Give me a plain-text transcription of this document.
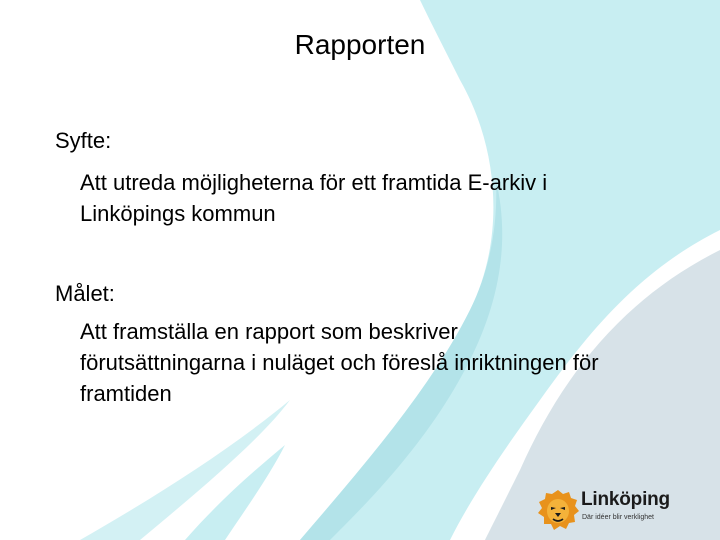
Rapporten
Syfte:
Att utreda möjligheterna för ett framtida E-arkiv i
Linköpings kommun
Målet:
Att framställa en rapport som beskriver
förutsättningarna i nuläget och föreslå inriktningen för
framtiden
Linköping
Där idéer blir verklighet
